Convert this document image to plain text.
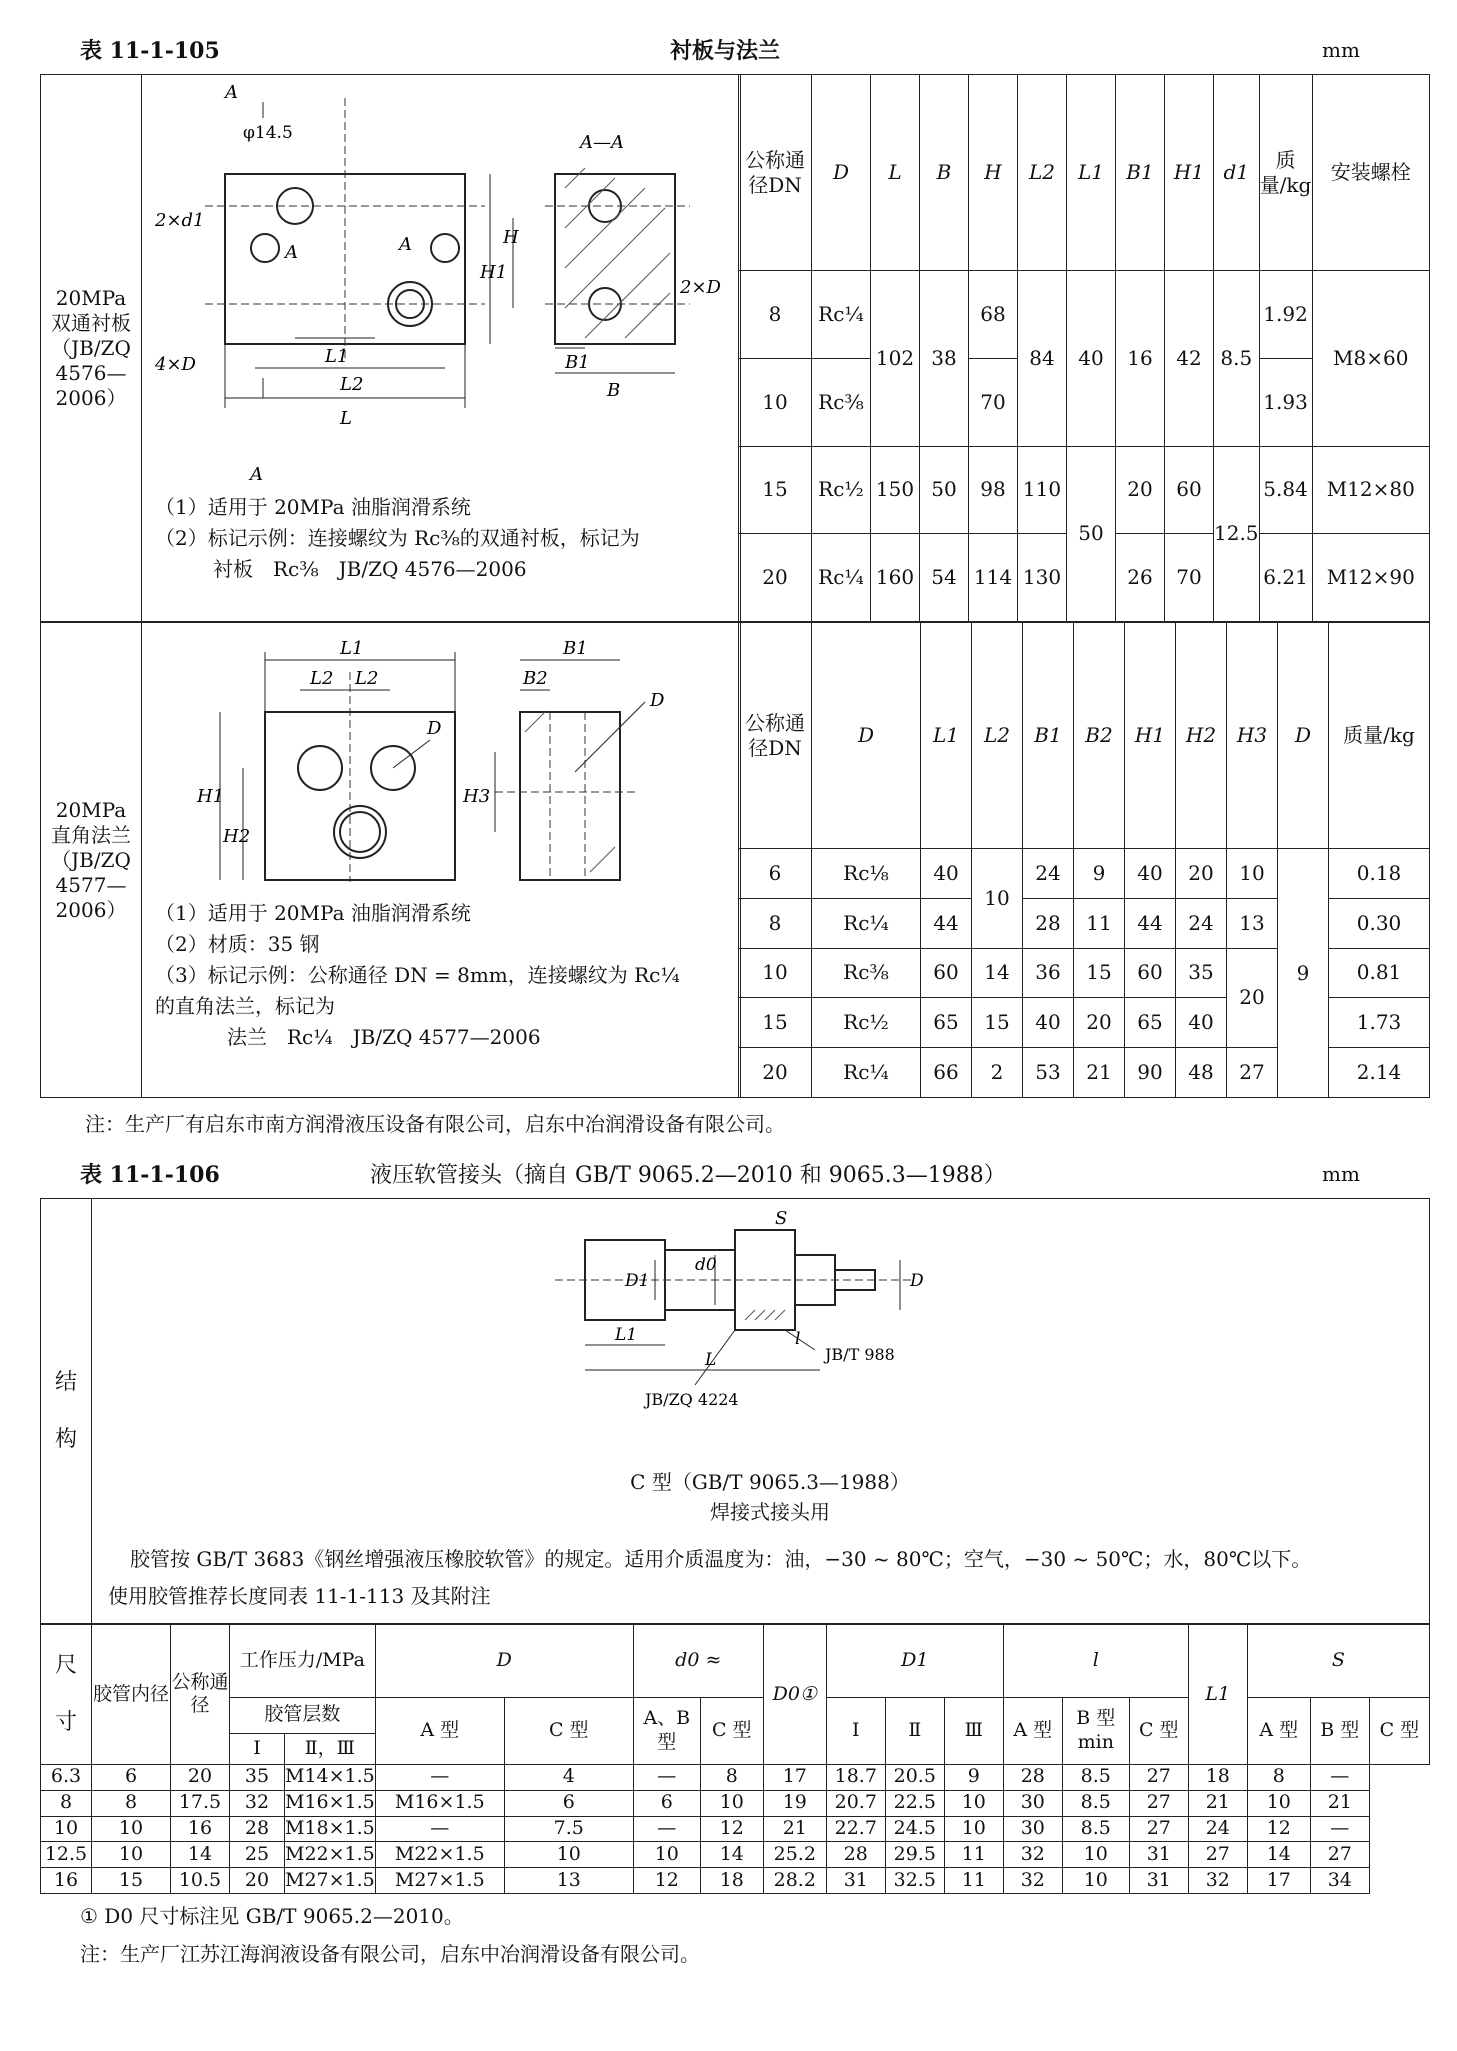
表 11-1-105	衬板与法兰	mm
20MPa
双通衬板
（JB/ZQ
4576—
2006）

公称通径DN	D	L	B	H	L2	L1	B1	H1	d1	质量/kg	安装螺栓
8	Rc¼	102	38	68	84	40	16	42	8.5	1.92	M8×60
10	Rc⅜			70						1.93	
15	Rc½	150	50	98	110	50	20	60	12.5	5.84	M12×80
20	Rc¼	160	54	114	130		26	70		6.21	M12×90
A
φ14.5	A—A
2×d1
A	A
4×D
2×D
H1
H
L1
L2
L
B1
B
A
（1）适用于 20MPa 油脂润滑系统
（2）标记示例：连接螺纹为 Rc⅜的双通衬板，标记为
衬板　Rc⅜　JB/ZQ 4576—2006
20MPa
直角法兰
（JB/ZQ
4577—
2006）

公称通径DN	D	L1	L2	B1	B2	H1	H2	H3	D	质量/kg
6	Rc⅛	40	10	24	9	40	20	10	9	0.18
8	Rc¼	44		28	11	44	24	13		0.30
10	Rc⅜	60	14	36	15	60	35	20		0.81
15	Rc½	65	15	40	20	65	40			1.73
20	Rc¼	66	2	53	21	90	48	27		2.14
L1
L2 L2
D
B1
B2
D
H1
H2
H3
（1）适用于 20MPa 油脂润滑系统
（2）材质：35 钢
（3）标记示例：公称通径 DN = 8mm，连接螺纹为 Rc¼
的直角法兰，标记为
法兰　Rc¼　JB/ZQ 4577—2006
注：生产厂有启东市南方润滑液压设备有限公司，启东中冶润滑设备有限公司。
表 11-1-106	液压软管接头（摘自 GB/T 9065.2—2010 和 9065.3—1988）	mm
结
构

S
d0
D1	D
L1
L
l
JB/T 988
JB/ZQ 4224
C 型（GB/T 9065.3—1988）
焊接式接头用
胶管按 GB/T 3683《钢丝增强液压橡胶软管》的规定。适用介质温度为：油，−30 ~ 80℃；空气，−30 ~ 50℃；水，80℃以下。
使用胶管推荐长度同表 11-1-113 及其附注
尺
寸	胶管内径	公称通径	工作压力/MPa		D		d0 ≈		D0①	D1			l			L1	S		
			胶管层数		A 型	C 型	A、B 型	C 型		Ⅰ	Ⅱ	Ⅲ	A 型	B 型 min	C 型		A 型	B 型	C 型
			Ⅰ	Ⅱ，Ⅲ															
6.3	6	20	35	M14×1.5	—	4	—	8	17	18.7	20.5	9	28	8.5	27	18	8	—	
8	8	17.5	32	M16×1.5	M16×1.5	6	6	10	19	20.7	22.5	10	30	8.5	27	21	10	21	
10	10	16	28	M18×1.5	—	7.5	—	12	21	22.7	24.5	10	30	8.5	27	24	12	—	
12.5	10	14	25	M22×1.5	M22×1.5	10	10	14	25.2	28	29.5	11	32	10	31	27	14	27	
16	15	10.5	20	M27×1.5	M27×1.5	13	12	18	28.2	31	32.5	11	32	10	31	32	17	34	
① D0 尺寸标注见 GB/T 9065.2—2010。
注：生产厂江苏江海润液设备有限公司，启东中冶润滑设备有限公司。
